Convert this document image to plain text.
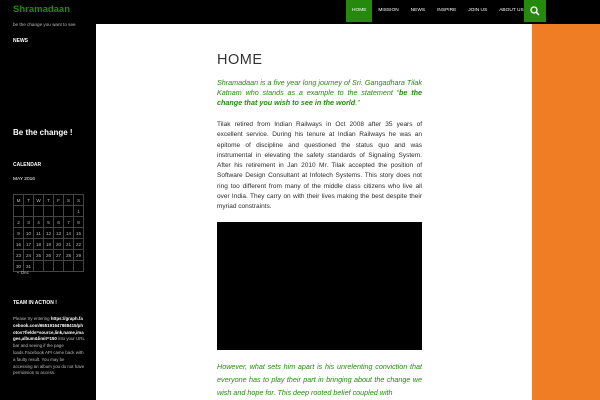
Shramadaan	HOME	MISSION	NEWS	INSPIRE	JOIN US	ABOUT US
be the change you want to see
NEWS
Be the change !
CALENDAR
MAY 2016
M	T	W	T	F	S	S
						1
2	3	4	5	6	7	8
9	10	11	12	13	14	15
16	17	18	19	20	21	22
23	24	25	26	27	28	29
30	31					
« Dec
TEAM IN ACTION !
Please try entering https://graph.facebook.com/655191647868415/photos?fields=source,link,name,images,album&limit=150 into your URL bar and seeing if the page loads.Facebook API came back with a faulty result. You may be accessing an album you do not have permission to access.
HOME
Shramadaan is a five year long journey of Sri. Gangadhara Tilak Katnam who stands as a example to the statement “be the change that you wish to see in the world.”
Tilak retired from Indian Railways in Oct 2008 after 35 years of excellent service. During his tenure at Indian Railways he was an epitome of discipline and questioned the status quo and was instrumental in elevating the safety standards of Signaling System. After his retirement in Jan 2010 Mr. Tilak accepted the position of Software Design Consultant at Infotech Systems. This story does not ring too different from many of the middle class citizens who live all over India. They carry on with their lives making the best despite their myriad constraints.
However, what sets him apart is his unrelenting conviction that everyone has to play their part in bringing about the change we wish and hope for. This deep rooted belief coupled with
